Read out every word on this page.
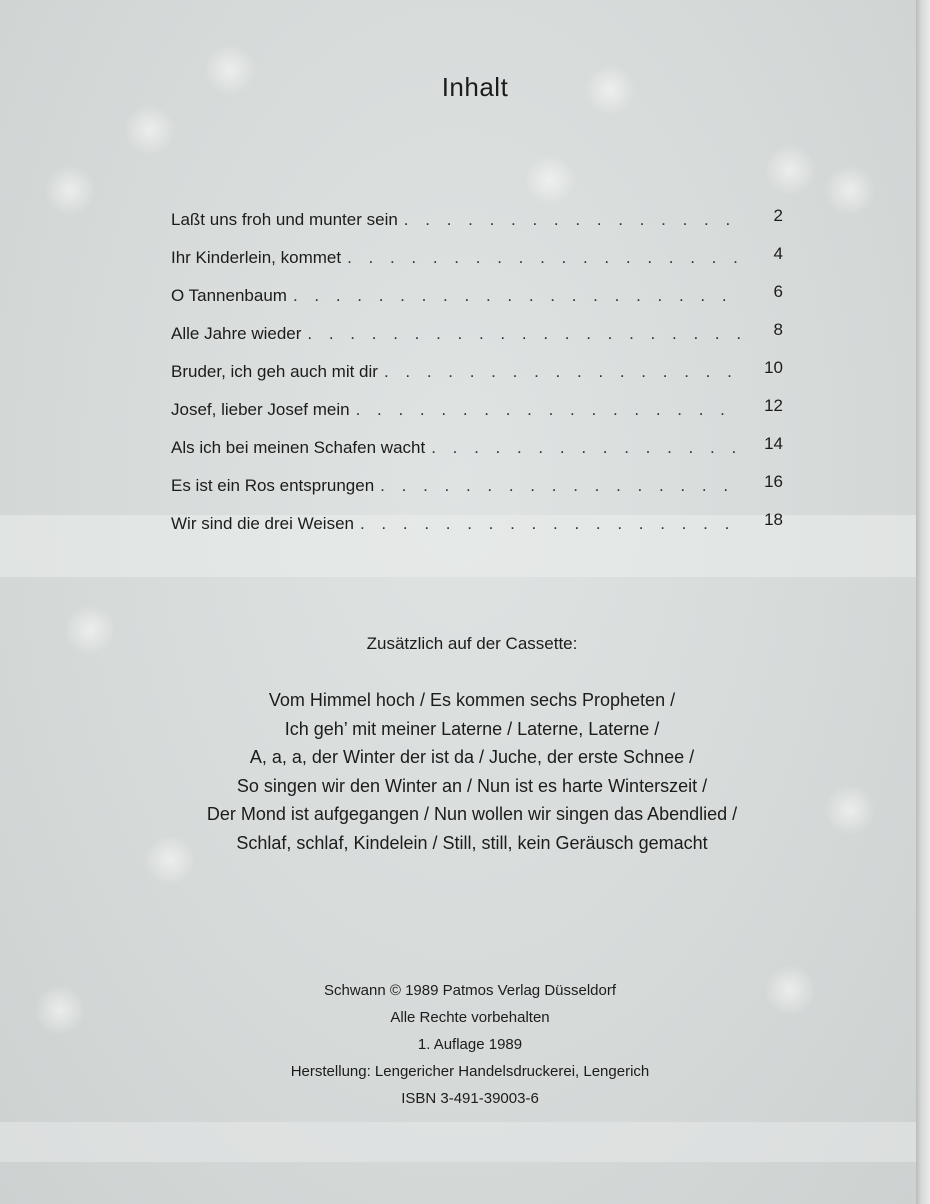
Inhalt
Laßt uns froh und munter sein . . .	2
Ihr Kinderlein, kommet . . .	4
O Tannenbaum . . .	6
Alle Jahre wieder . . .	8
Bruder, ich geh auch mit dir . . .	10
Josef, lieber Josef mein . . .	12
Als ich bei meinen Schafen wacht . . .	14
Es ist ein Ros entsprungen . . .	16
Wir sind die drei Weisen . . .	18
Zusätzlich auf der Cassette:
Vom Himmel hoch / Es kommen sechs Propheten /
Ich geh’ mit meiner Laterne / Laterne, Laterne /
A, a, a, der Winter der ist da / Juche, der erste Schnee /
So singen wir den Winter an / Nun ist es harte Winterszeit /
Der Mond ist aufgegangen / Nun wollen wir singen das Abendlied /
Schlaf, schlaf, Kindelein / Still, still, kein Geräusch gemacht
Schwann © 1989 Patmos Verlag Düsseldorf
Alle Rechte vorbehalten
1. Auflage 1989
Herstellung: Lengericher Handelsdruckerei, Lengerich
ISBN 3-491-39003-6
